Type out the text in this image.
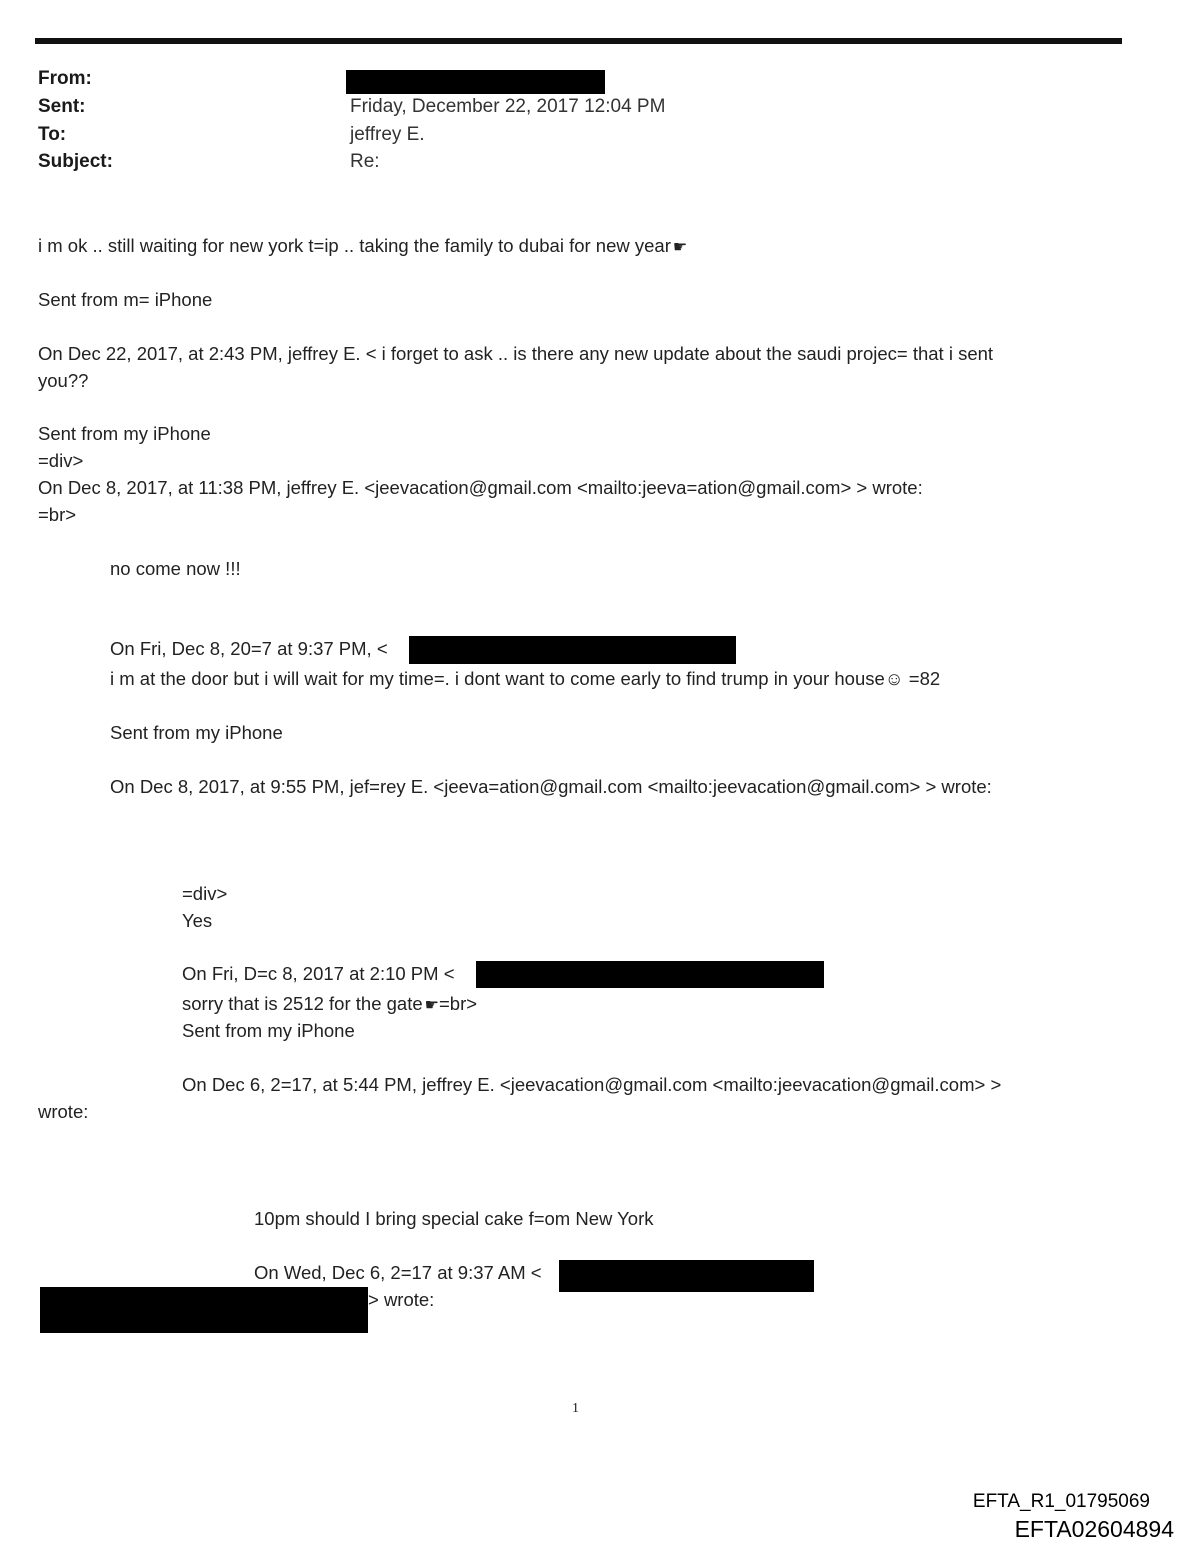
From:
Sent:
To:
Subject:
Friday, December 22, 2017 12:04 PM
jeffrey E.
Re:
i m ok .. still waiting for new york t=ip .. taking the family to dubai for new year ☛
Sent from m= iPhone
On Dec 22, 2017, at 2:43 PM, jeffrey E. < i forget to ask .. is there any new update about the saudi projec= that i sent
you??
Sent from my iPhone
=div>
On Dec 8, 2017, at 11:38 PM, jeffrey E. <jeevacation@gmail.com <mailto:jeeva=ation@gmail.com> > wrote:
=br>
no come now !!!
On Fri, Dec 8, 20=7 at 9:37 PM, <
i m at the door but i will wait for my time=. i dont want to come early to find trump in your house☺ =82
Sent from my iPhone
On Dec 8, 2017, at 9:55 PM, jef=rey E. <jeeva=ation@gmail.com <mailto:jeevacation@gmail.com> > wrote:
=div>
Yes
On Fri, D=c 8, 2017 at 2:10 PM <
sorry that is 2512 for the gate ☛=br>
Sent from my iPhone
On Dec 6, 2=17, at 5:44 PM, jeffrey E. <jeevacation@gmail.com <mailto:jeevacation@gmail.com> >
wrote:
10pm should I bring special cake f=om New York
On Wed, Dec 6, 2=17 at 9:37 AM <
> wrote:
1
EFTA_R1_01795069
EFTA02604894
